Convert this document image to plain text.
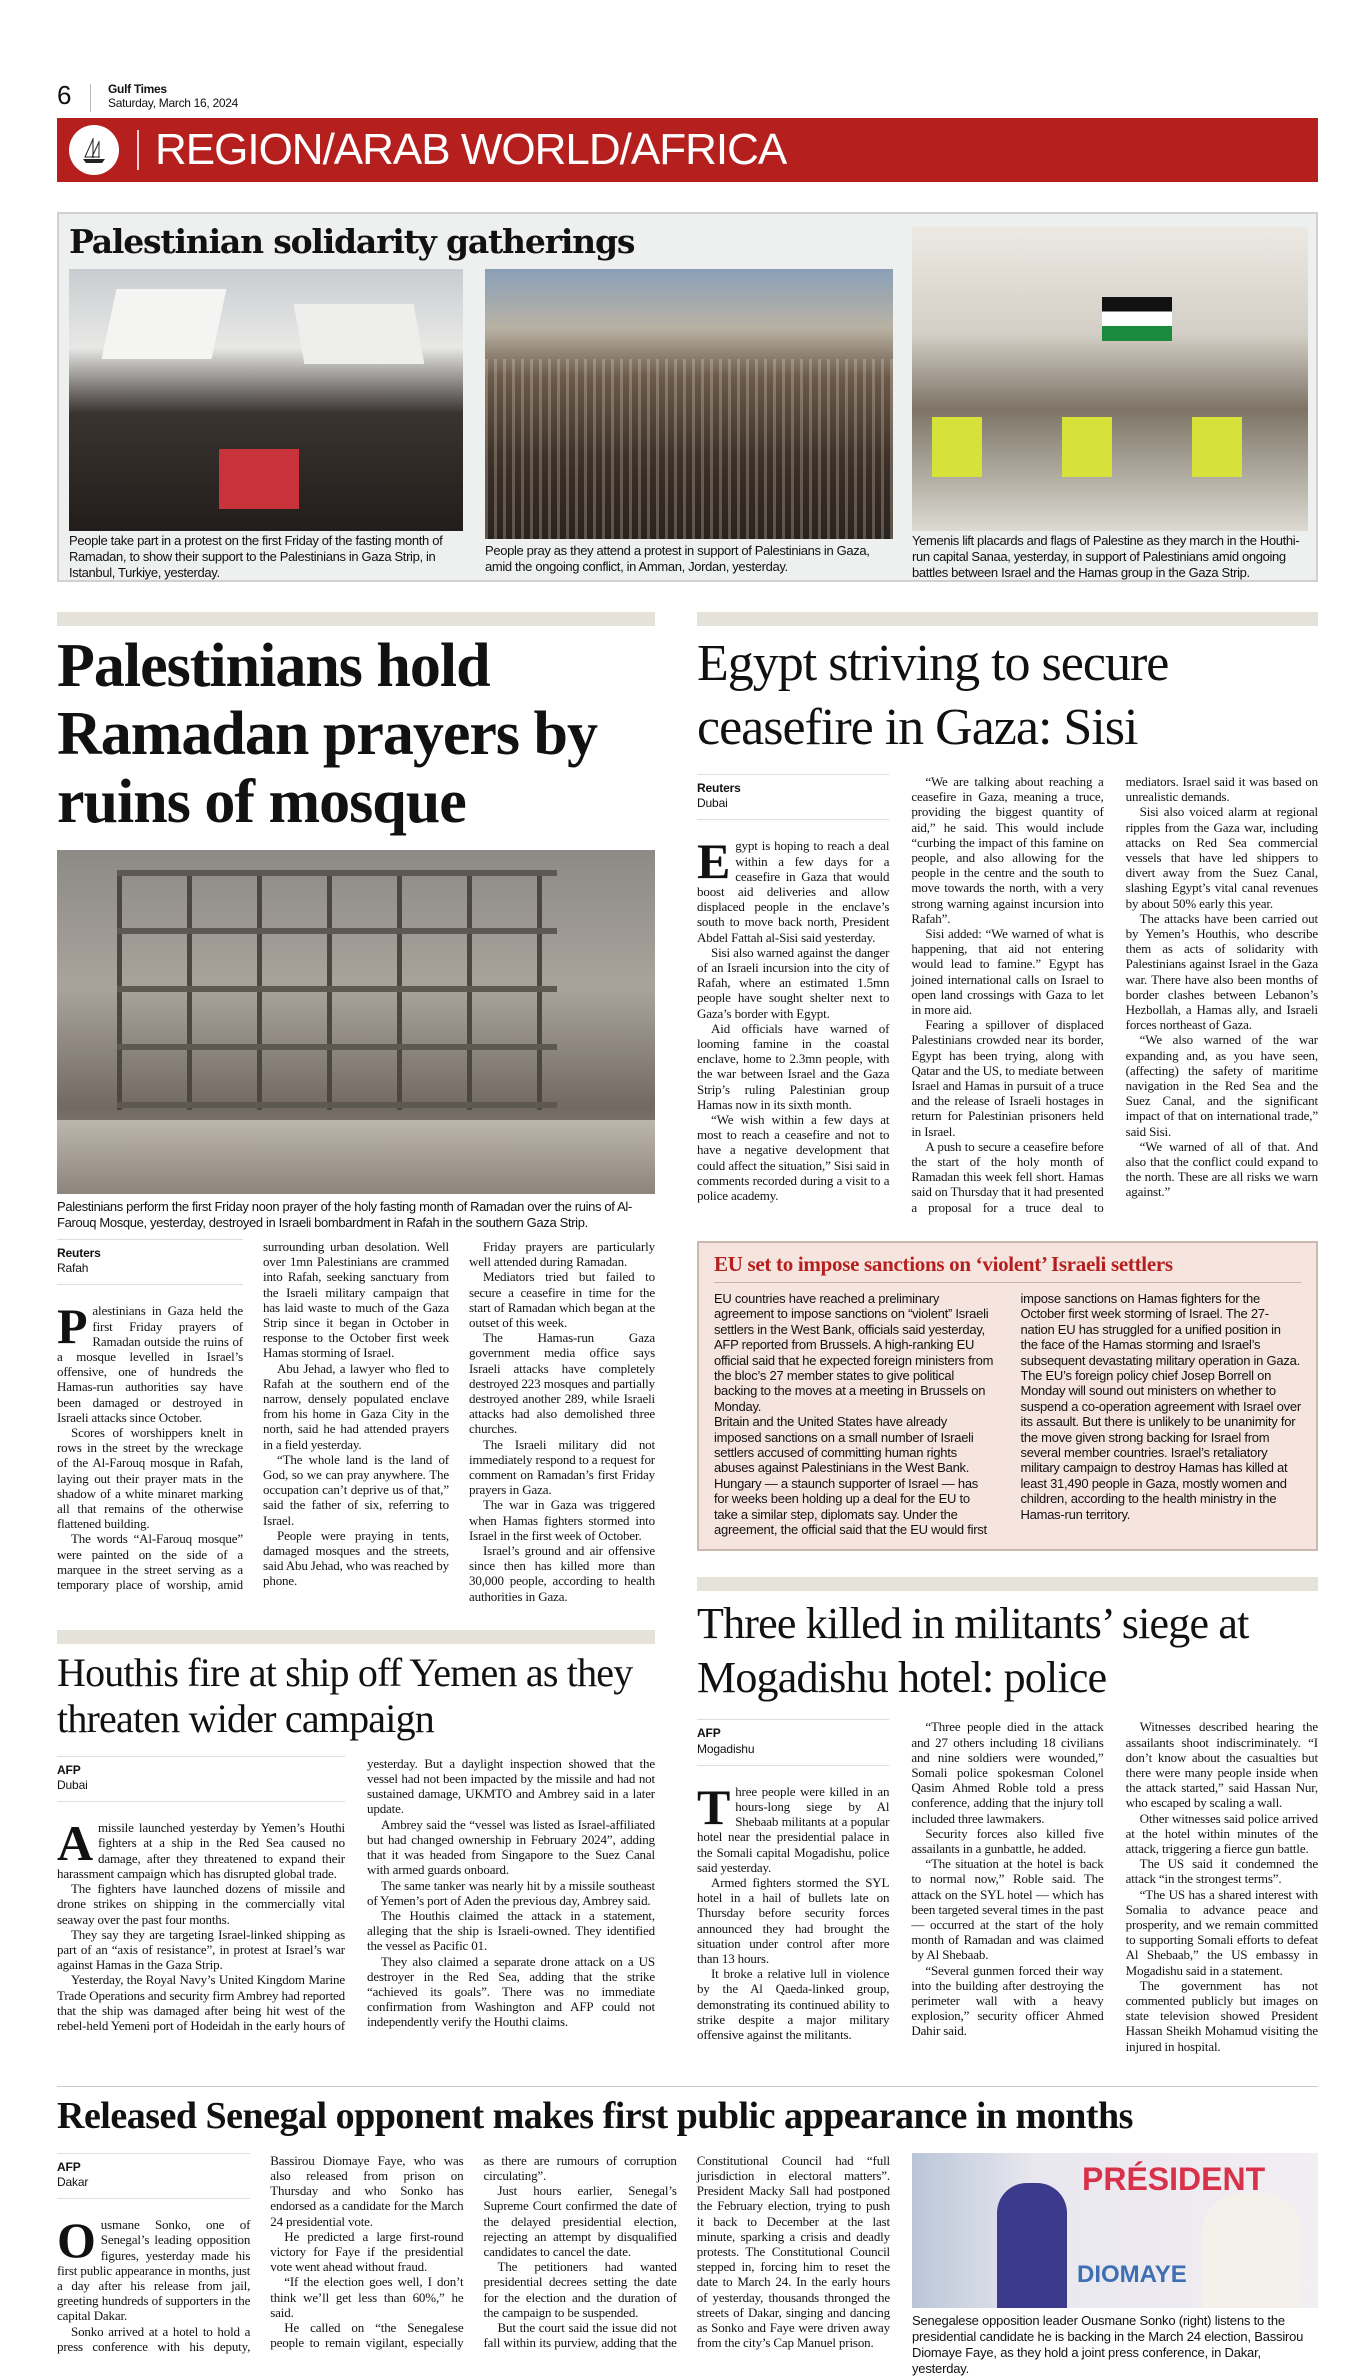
6	Gulf Times
Saturday, March 16, 2024
REGION/ARAB WORLD/AFRICA
Palestinian solidarity gatherings
People take part in a protest on the first Friday of the fasting month of Ramadan, to show their support to the Palestinians in Gaza Strip, in Istanbul, Turkiye, yesterday.
People pray as they attend a protest in support of Palestinians in Gaza, amid the ongoing conflict, in Amman, Jordan, yesterday.
Yemenis lift placards and flags of Palestine as they march in the Houthi-run capital Sanaa, yesterday, in support of Palestinians amid ongoing battles between Israel and the Hamas group in the Gaza Strip.
Palestinians hold Ramadan prayers by ruins of mosque
Palestinians perform the first Friday noon prayer of the holy fasting month of Ramadan over the ruins of Al-Farouq Mosque, yesterday, destroyed in Israeli bombardment in Rafah in the southern Gaza Strip.
Reuters
Rafah

Palestinians in Gaza held the first Friday prayers of Ramadan outside the ruins of a mosque levelled in Israel’s offensive, one of hundreds the Hamas-run authorities say have been damaged or destroyed in Israeli attacks since October.

Scores of worshippers knelt in rows in the street by the wreckage of the Al-Farouq mosque in Rafah, laying out their prayer mats in the shadow of a white minaret marking all that remains of the otherwise flattened building.

The words “Al-Farouq mosque” were painted on the side of a marquee in the street serving as a temporary place of worship, amid surrounding urban desolation. Well over 1mn Palestinians are crammed into Rafah, seeking sanctuary from the Israeli military campaign that has laid waste to much of the Gaza Strip since it began in October in response to the October first week Hamas storming of Israel.

Abu Jehad, a lawyer who fled to Rafah at the southern end of the narrow, densely populated enclave from his home in Gaza City in the north, said he had attended prayers in a field yesterday.

“The whole land is the land of God, so we can pray anywhere. The occupation can’t deprive us of that,” said the father of six, referring to Israel.

People were praying in tents, damaged mosques and the streets, said Abu Jehad, who was reached by phone.

Friday prayers are particularly well attended during Ramadan.

Mediators tried but failed to secure a ceasefire in time for the start of Ramadan which began at the outset of this week.

The Hamas-run Gaza government media office says Israeli attacks have completely destroyed 223 mosques and partially destroyed another 289, while Israeli attacks had also demolished three churches.

The Israeli military did not immediately respond to a request for comment on Ramadan’s first Friday prayers in Gaza.

The war in Gaza was triggered when Hamas fighters stormed into Israel in the first week of October.

Israel’s ground and air offensive since then has killed more than 30,000 people, according to health authorities in Gaza.

Houthis fire at ship off Yemen as they threaten wider campaign
AFP
Dubai

Amissile launched yesterday by Yemen’s Houthi fighters at a ship in the Red Sea caused no damage, after they threatened to expand their harassment campaign which has disrupted global trade.

The fighters have launched dozens of missile and drone strikes on shipping in the commercially vital seaway over the past four months.

They say they are targeting Israel-linked shipping as part of an “axis of resistance”, in protest at Israel’s war against Hamas in the Gaza Strip.

Yesterday, the Royal Navy’s United Kingdom Marine Trade Operations and security firm Ambrey had reported that the ship was damaged after being hit west of the rebel-held Yemeni port of Hodeidah in the early hours of yesterday. But a daylight inspection showed that the vessel had not been impacted by the missile and had not sustained damage, UKMTO and Ambrey said in a later update.

Ambrey said the “vessel was listed as Israel-affiliated but had changed ownership in February 2024”, adding that it was headed from Singapore to the Suez Canal with armed guards onboard.

The same tanker was nearly hit by a missile southeast of Yemen’s port of Aden the previous day, Ambrey said.

The Houthis claimed the attack in a statement, alleging that the ship is Israeli-owned. They identified the vessel as Pacific 01.

They also claimed a separate drone attack on a US destroyer in the Red Sea, adding that the strike “achieved its goals”. There was no immediate confirmation from Washington and AFP could not independently verify the Houthi claims.

Egypt striving to secure ceasefire in Gaza: Sisi
Reuters
Dubai

Egypt is hoping to reach a deal within a few days for a ceasefire in Gaza that would boost aid deliveries and allow displaced people in the enclave’s south to move back north, President Abdel Fattah al-Sisi said yesterday.

Sisi also warned against the danger of an Israeli incursion into the city of Rafah, where an estimated 1.5mn people have sought shelter next to Gaza’s border with Egypt.

Aid officials have warned of looming famine in the coastal enclave, home to 2.3mn people, with the war between Israel and the Gaza Strip’s ruling Palestinian group Hamas now in its sixth month.

“We wish within a few days at most to reach a ceasefire and not to have a negative development that could affect the situation,” Sisi said in comments recorded during a visit to a police academy.

“We are talking about reaching a ceasefire in Gaza, meaning a truce, providing the biggest quantity of aid,” he said. This would include “curbing the impact of this famine on people, and also allowing for the people in the centre and the south to move towards the north, with a very strong warning against incursion into Rafah”.

Sisi added: “We warned of what is happening, that aid not entering would lead to famine.” Egypt has joined international calls on Israel to open land crossings with Gaza to let in more aid.

Fearing a spillover of displaced Palestinians crowded near its border, Egypt has been trying, along with Qatar and the US, to mediate between Israel and Hamas in pursuit of a truce and the release of Israeli hostages in return for Palestinian prisoners held in Israel.

A push to secure a ceasefire before the start of the holy month of Ramadan this week fell short. Hamas said on Thursday that it had presented a proposal for a truce deal to mediators. Israel said it was based on unrealistic demands.

Sisi also voiced alarm at regional ripples from the Gaza war, including attacks on Red Sea commercial vessels that have led shippers to divert away from the Suez Canal, slashing Egypt’s vital canal revenues by about 50% early this year.

The attacks have been carried out by Yemen’s Houthis, who describe them as acts of solidarity with Palestinians against Israel in the Gaza war. There have also been months of border clashes between Lebanon’s Hezbollah, a Hamas ally, and Israeli forces northeast of Gaza.

“We also warned of the war expanding and, as you have seen,(affecting) the safety of maritime navigation in the Red Sea and the Suez Canal, and the significant impact of that on international trade,” said Sisi.

“We warned of all of that. And also that the conflict could expand to the north. These are all risks we warn against.”

EU set to impose sanctions on ‘violent’ Israeli settlers

EU countries have reached a preliminary agreement to impose sanctions on “violent” Israeli settlers in the West Bank, officials said yesterday, AFP reported from Brussels. A high-ranking EU official said that he expected foreign ministers from the bloc’s 27 member states to give political backing to the moves at a meeting in Brussels on Monday.

Britain and the United States have already imposed sanctions on a small number of Israeli settlers accused of committing human rights abuses against Palestinians in the West Bank.

Hungary — a staunch supporter of Israel — has for weeks been holding up a deal for the EU to take a similar step, diplomats say. Under the agreement, the official said that the EU would first impose sanctions on Hamas fighters for the October first week storming of Israel. The 27-nation EU has struggled for a unified position in the face of the Hamas storming and Israel’s subsequent devastating military operation in Gaza.

The EU’s foreign policy chief Josep Borrell on Monday will sound out ministers on whether to suspend a co-operation agreement with Israel over its assault. But there is unlikely to be unanimity for the move given strong backing for Israel from several member countries. Israel’s retaliatory military campaign to destroy Hamas has killed at least 31,490 people in Gaza, mostly women and children, according to the health ministry in the Hamas-run territory.

Three killed in militants’ siege at Mogadishu hotel: police
AFP
Mogadishu

Three people were killed in an hours-long siege by Al Shebaab militants at a popular hotel near the presidential palace in the Somali capital Mogadishu, police said yesterday.

Armed fighters stormed the SYL hotel in a hail of bullets late on Thursday before security forces announced they had brought the situation under control after more than 13 hours.

It broke a relative lull in violence by the Al Qaeda-linked group, demonstrating its continued ability to strike despite a major military offensive against the militants.

“Three people died in the attack and 27 others including 18 civilians and nine soldiers were wounded,” Somali police spokesman Colonel Qasim Ahmed Roble told a press conference, adding that the injury toll included three lawmakers.

Security forces also killed five assailants in a gunbattle, he added.

“The situation at the hotel is back to normal now,” Roble said. The attack on the SYL hotel — which has been targeted several times in the past — occurred at the start of the holy month of Ramadan and was claimed by Al Shebaab.

“Several gunmen forced their way into the building after destroying the perimeter wall with a heavy explosion,” security officer Ahmed Dahir said.

Witnesses described hearing the assailants shoot indiscriminately. “I don’t know about the casualties but there were many people inside when the attack started,” said Hassan Nur, who escaped by scaling a wall.

Other witnesses said police arrived at the hotel within minutes of the attack, triggering a fierce gun battle.

The US said it condemned the attack “in the strongest terms”.

“The US has a shared interest with Somalia to advance peace and prosperity, and we remain committed to supporting Somali efforts to defeat Al Shebaab,” the US embassy in Mogadishu said in a statement.

The government has not commented publicly but images on state television showed President Hassan Sheikh Mohamud visiting the injured in hospital.

Released Senegal opponent makes first public appearance in months
AFP
Dakar

Ousmane Sonko, one of Senegal’s leading opposition figures, yesterday made his first public appearance in months, just a day after his release from jail, greeting hundreds of supporters in the capital Dakar.

Sonko arrived at a hotel to hold a press conference with his deputy, Bassirou Diomaye Faye, who was also released from prison on Thursday and who Sonko has endorsed as a candidate for the March 24 presidential vote.

He predicted a large first-round victory for Faye if the presidential vote went ahead without fraud.

“If the election goes well, I don’t think we’ll get less than 60%,” he said.

He called on “the Senegalese people to remain vigilant, especially as there are rumours of corruption circulating”.

Just hours earlier, Senegal’s Supreme Court confirmed the date of the delayed presidential election, rejecting an attempt by disqualified candidates to cancel the date.

The petitioners had wanted presidential decrees setting the date for the election and the duration of the campaign to be suspended.

But the court said the issue did not fall within its purview, adding that the Constitutional Council had “full jurisdiction in electoral matters”. President Macky Sall had postponed the February election, trying to push it back to December at the last minute, sparking a crisis and deadly protests. The Constitutional Council stepped in, forcing him to reset the date to March 24. In the early hours of yesterday, thousands thronged the streets of Dakar, singing and dancing as Sonko and Faye were driven away from the city’s Cap Manuel prison.

PRÉSIDENT
DIOMAYE
Senegalese opposition leader Ousmane Sonko (right) listens to the presidential candidate he is backing in the March 24 election, Bassirou Diomaye Faye, as they hold a joint press conference, in Dakar, yesterday.
